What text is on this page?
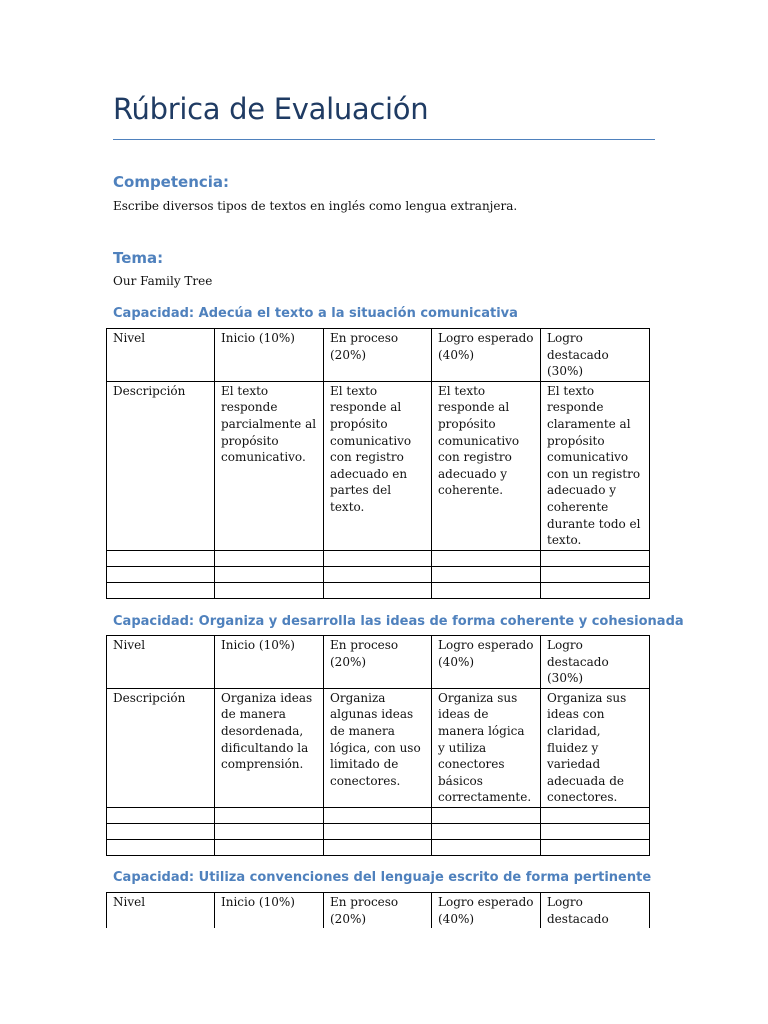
Rúbrica de Evaluación
Competencia:
Escribe diversos tipos de textos en inglés como lengua extranjera.
Tema:
Our Family Tree
Capacidad: Adecúa el texto a la situación comunicativa
Nivel	Inicio (10%)	En proceso (20%)	Logro esperado (40%)	Logro destacado (30%)
Descripción	El texto responde parcialmente al propósito comunicativo.	El texto responde al propósito comunicativo con registro adecuado en partes del texto.	El texto responde al propósito comunicativo con registro adecuado y coherente.	El texto responde claramente al propósito comunicativo con un registro adecuado y coherente durante todo el texto.

Capacidad: Organiza y desarrolla las ideas de forma coherente y cohesionada
Nivel	Inicio (10%)	En proceso (20%)	Logro esperado (40%)	Logro destacado (30%)
Descripción	Organiza ideas de manera desordenada, dificultando la comprensión.	Organiza algunas ideas de manera lógica, con uso limitado de conectores.	Organiza sus ideas de manera lógica y utiliza conectores básicos correctamente.	Organiza sus ideas con claridad, fluidez y variedad adecuada de conectores.

Capacidad: Utiliza convenciones del lenguaje escrito de forma pertinente
Nivel	Inicio (10%)	En proceso (20%)	Logro esperado (40%)	Logro destacado
